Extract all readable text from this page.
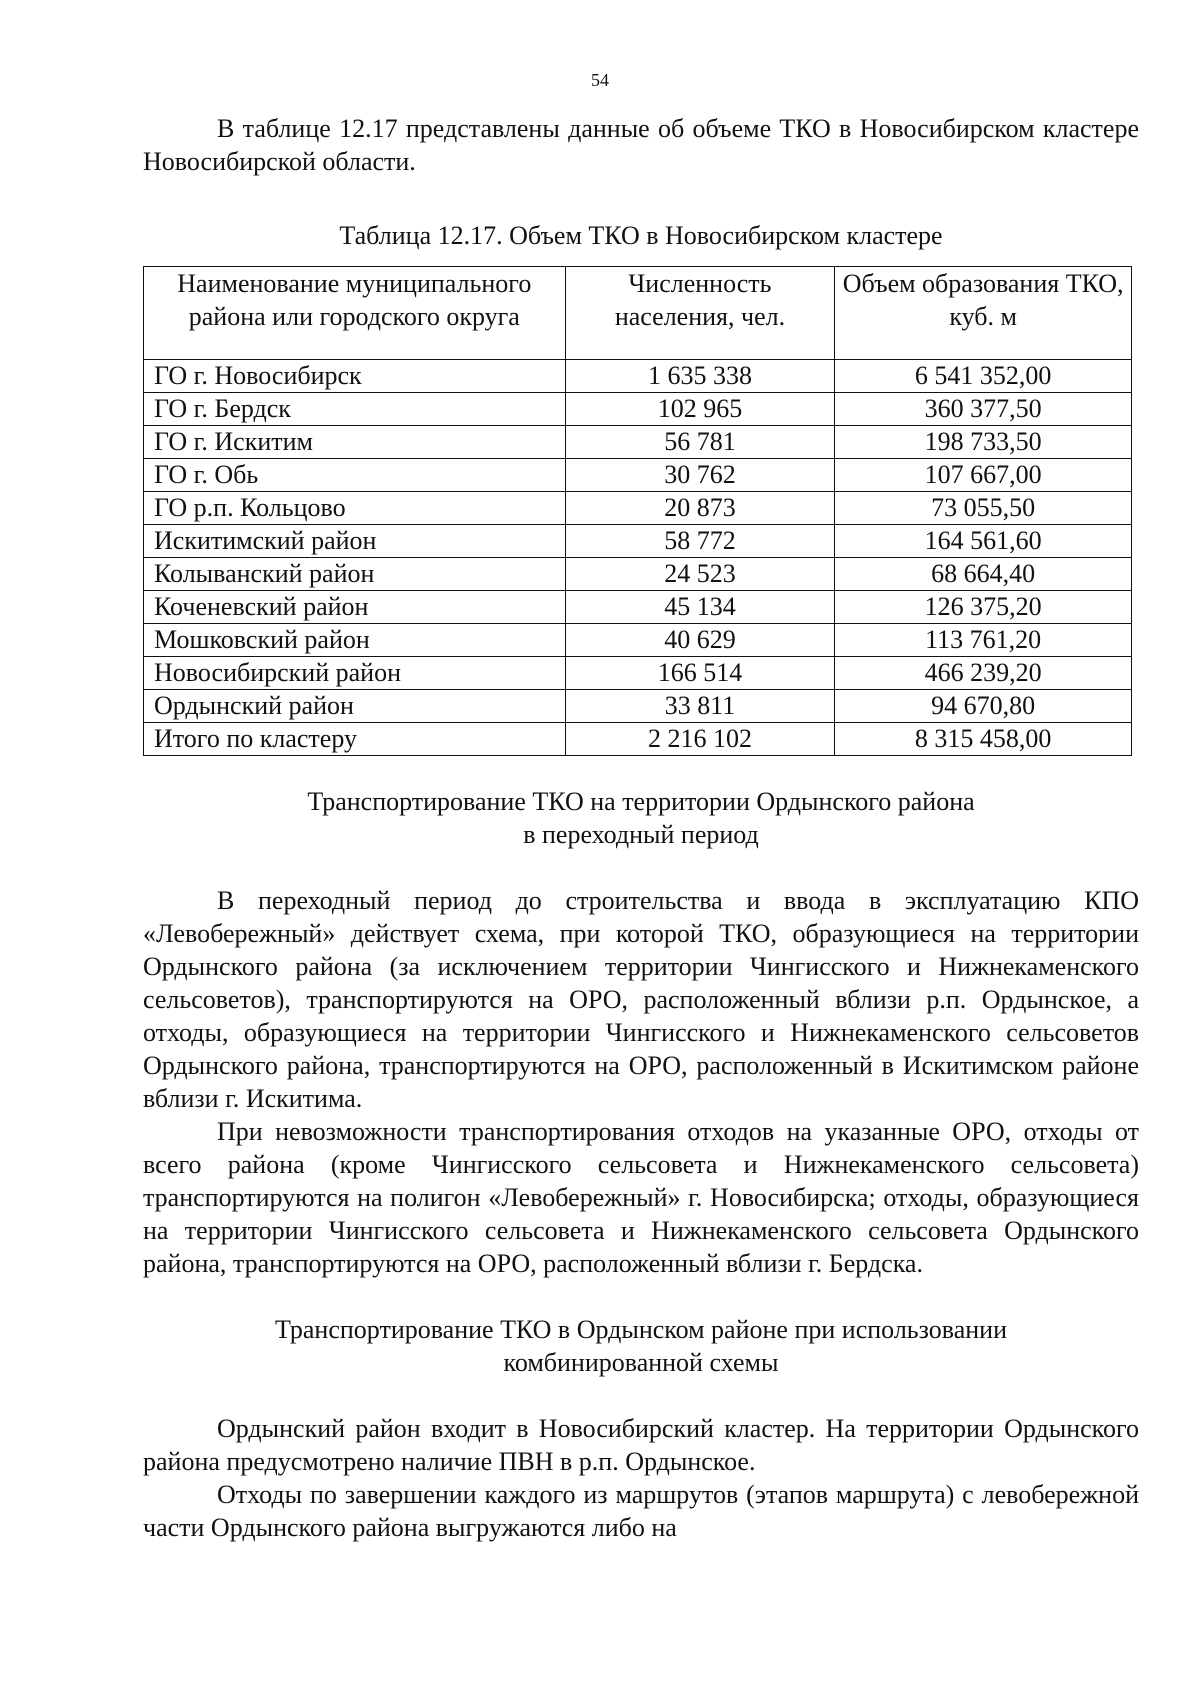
54

В таблице 12.17 представлены данные об объеме ТКО в Новосибирском кластере Новосибирской области.

Таблица 12.17. Объем ТКО в Новосибирском кластере

Наименование муниципального района или городского округа	Численность населения, чел.	Объем образования ТКО, куб. м
ГО г. Новосибирск	1 635 338	6 541 352,00
ГО г. Бердск	102 965	360 377,50
ГО г. Искитим	56 781	198 733,50
ГО г. Обь	30 762	107 667,00
ГО р.п. Кольцово	20 873	73 055,50
Искитимский район	58 772	164 561,60
Колыванский район	24 523	68 664,40
Коченевский район	45 134	126 375,20
Мошковский район	40 629	113 761,20
Новосибирский район	166 514	466 239,20
Ордынский район	33 811	94 670,80
Итого по кластеру	2 216 102	8 315 458,00
Транспортирование ТКО на территории Ордынского района
в переходный период

В переходный период до строительства и ввода в эксплуатацию КПО «Левобережный» действует схема, при которой ТКО, образующиеся на территории Ордынского района (за исключением территории Чингисского и Нижнекаменского сельсоветов), транспортируются на ОРО, расположенный вблизи р.п. Ордынское, а отходы, образующиеся на территории Чингисского и Нижнекаменского сельсоветов Ордынского района, транспортируются на ОРО, расположенный в Искитимском районе вблизи г. Искитима.

При невозможности транспортирования отходов на указанные ОРО, отходы от всего района (кроме Чингисского сельсовета и Нижнекаменского сельсовета) транспортируются на полигон «Левобережный» г. Новосибирска; отходы, образующиеся на территории Чингисского сельсовета и Нижнекаменского сельсовета Ордынского района, транспортируются на ОРО, расположенный вблизи г. Бердска.

Транспортирование ТКО в Ордынском районе при использовании
комбинированной схемы

Ордынский район входит в Новосибирский кластер. На территории Ордынского района предусмотрено наличие ПВН в р.п. Ордынское.

Отходы по завершении каждого из маршрутов (этапов маршрута) с левобережной части Ордынского района выгружаются либо на
